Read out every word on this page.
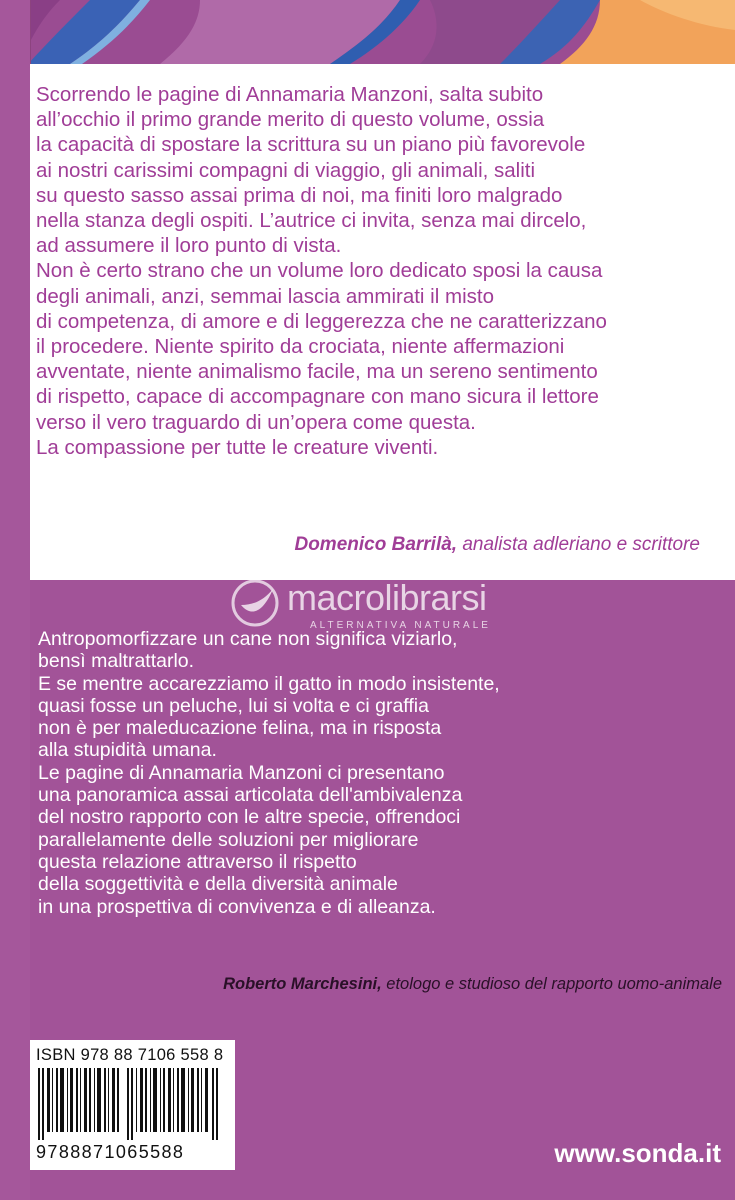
Scorrendo le pagine di Annamaria Manzoni, salta subito
all’occhio il primo grande merito di questo volume, ossia
la capacità di spostare la scrittura su un piano più favorevole
ai nostri carissimi compagni di viaggio, gli animali, saliti
su questo sasso assai prima di noi, ma finiti loro malgrado
nella stanza degli ospiti. L’autrice ci invita, senza mai dircelo,
ad assumere il loro punto di vista.
Non è certo strano che un volume loro dedicato sposi la causa
degli animali, anzi, semmai lascia ammirati il misto
di competenza, di amore e di leggerezza che ne caratterizzano
il procedere. Niente spirito da crociata, niente affermazioni
avventate, niente animalismo facile, ma un sereno sentimento
di rispetto, capace di accompagnare con mano sicura il lettore
verso il vero traguardo di un’opera come questa.
La compassione per tutte le creature viventi.

Domenico Barrilà, analista adleriano e scrittore
macrolibrarsi
ALTERNATIVA NATURALE

Antropomorfizzare un cane non significa viziarlo,
bensì maltrattarlo.
E se mentre accarezziamo il gatto in modo insistente,
quasi fosse un peluche, lui si volta e ci graffia
non è per maleducazione felina, ma in risposta
alla stupidità umana.
Le pagine di Annamaria Manzoni ci presentano
una panoramica assai articolata dell'ambivalenza
del nostro rapporto con le altre specie, offrendoci
parallelamente delle soluzioni per migliorare
questa relazione attraverso il rispetto
della soggettività e della diversità animale
in una prospettiva di convivenza e di alleanza.

Roberto Marchesini, etologo e studioso del rapporto uomo-animale
ISBN 978 88 7106 558 8
9788871065588	www.sonda.it
